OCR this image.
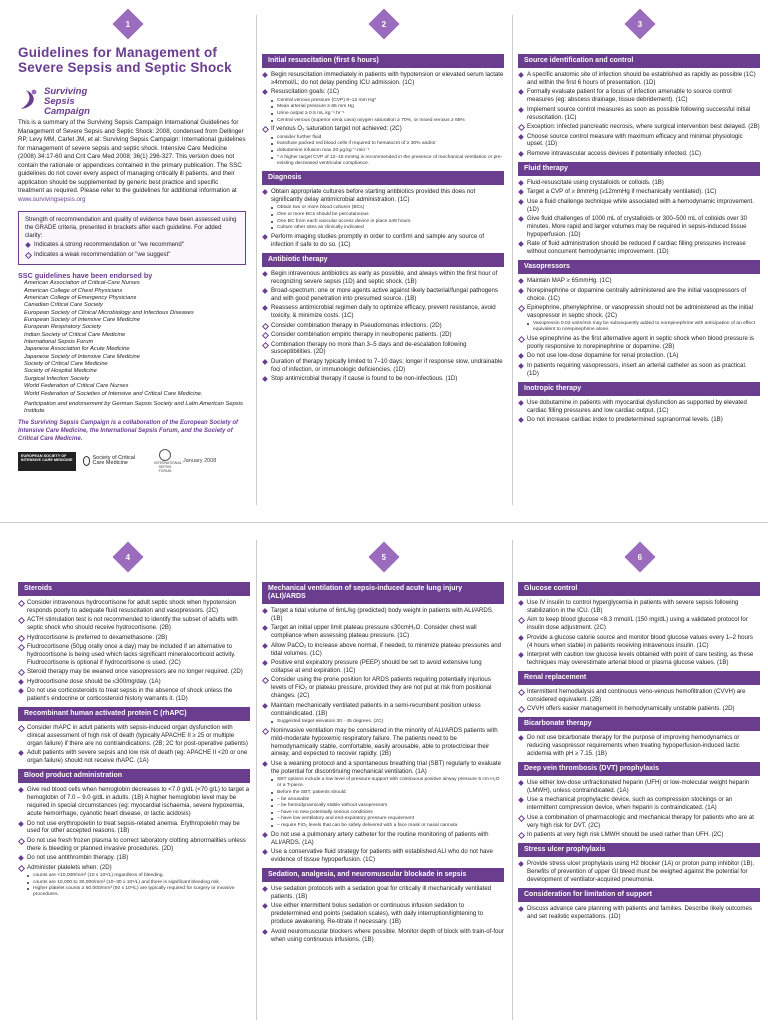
1	2	3
4	5	6
Guidelines for Management of Severe Sepsis and Septic Shock
Surviving Sepsis Campaign
This is a summary of the Surviving Sepsis Campaign International Guidelines for Management of Severe Sepsis and Septic Shock: 2008, condensed from Dellinger RP, Levy MM, Carlet JM, et al: Surviving Sepsis Campaign: International guidelines for management of severe sepsis and septic shock. Intensive Care Medicine (2008) 34:17-60 and Crit Care Med 2008; 36(1) 296-327. This version does not contain the rationale or appendices contained in the primary publication. The SSC guidelines do not cover every aspect of managing critically ill patients, and their application should be supplemented by generic best practice and specific treatment as required. Please refer to the guidelines for additional information at www.survivingsepsis.org
Strength of recommendation and quality of evidence have been assessed using the GRADE criteria, presented in brackets after each guideline. For added clarity:
Indicates a strong recommendation or "we recommend"
Indicates a weak recommendation or "we suggest"
SSC guidelines have been endorsed by
American Association of Critical-Care Nurses
American College of Chest Physicians
American College of Emergency Physicians
Canadian Critical Care Society
European Society of Clinical Microbiology and Infectious Diseases
European Society of Intensive Care Medicine
European Respiratory Society
Indian Society of Critical Care Medicine
International Sepsis Forum
Japanese Association for Acute Medicine
Japanese Society of Intensive Care Medicine
Society of Critical Care Medicine
Society of Hospital Medicine
Surgical Infection Society
World Federation of Critical Care Nurses
World Federation of Societies of Intensive and Critical Care Medicine.
Participation and endorsement by German Sepsis Society and Latin American Sepsis Institute.
The Surviving Sepsis Campaign is a collaboration of the European Society of Intensive Care Medicine, the International Sepsis Forum, and the Society of Critical Care Medicine.
EUROPEAN SOCIETY OF INTENSIVE CARE MEDICINE	Society of Critical Care Medicine	INTERNATIONAL SEPSIS FORUM
January 2008
Initial resuscitation (first 6 hours)
Begin resuscitation immediately in patients with hypotension or elevated serum lactate ≥4mmol/L; do not delay pending ICU admission. (1C)
Resuscitation goals: (1C)
Central venous pressure (CVP) 8–12 mm Hg*
Mean arterial pressure ≥ 65 mm Hg
Urine output ≥ 0.5 mL.kg⁻¹.hr⁻¹
Central venous (superior vena cava) oxygen saturation ≥ 70%, or mixed venous ≥ 65%
If venous O₂ saturation target not achieved: (2C)
consider further fluid
transfuse packed red blood cells if required to hematocrit of ≥ 30% and/or
dobutamine infusion max 20 μg.kg⁻¹.min⁻¹
* A higher target CVP of 12–15 mmHg is recommended in the presence of mechanical ventilation or pre-existing decreased ventricular compliance.
Diagnosis
Obtain appropriate cultures before starting antibiotics provided this does not significantly delay antimicrobial administration. (1C)
Obtain two or more blood cultures (BCs)
One or more BCs should be percutaneous
One BC from each vascular access device in place ≥48 hours
Culture other sites as clinically indicated
Perform imaging studies promptly in order to confirm and sample any source of infection if safe to do so. (1C)
Antibiotic therapy
Begin intravenous antibiotics as early as possible, and always within the first hour of recognizing severe sepsis (1D) and septic shock. (1B)
Broad-spectrum: one or more agents active against likely bacterial/fungal pathogens and with good penetration into presumed source. (1B)
Reassess antimicrobial regimen daily to optimize efficacy, prevent resistance, avoid toxicity, & minimize costs. (1C)
Consider combination therapy in Pseudomonas infections. (2D)
Consider combination empiric therapy in neutropenic patients. (2D)
Combination therapy no more than 3–5 days and de-escalation following susceptibilities. (2D)
Duration of therapy typically limited to 7–10 days; longer if response slow, undrainable foci of infection, or immunologic deficiencies. (1D)
Stop antimicrobial therapy if cause is found to be non-infectious. (1D)
Source identification and control
A specific anatomic site of infection should be established as rapidly as possible (1C) and within the first 6 hours of presentation. (1D)
Formally evaluate patient for a focus of infection amenable to source control measures (eg: abscess drainage, tissue debridement). (1C)
Implement source control measures as soon as possible following successful initial resuscitation. (1C)
Exception: infected pancreatic necrosis, where surgical intervention best delayed. (2B)
Choose source control measure with maximum efficacy and minimal physiologic upset. (1D)
Remove intravascular access devices if potentially infected. (1C)
Fluid therapy
Fluid-resuscitate using crystalloids or colloids. (1B)
Target a CVP of ≥ 8mmHg (≥12mmHg if mechanically ventilated). (1C)
Use a fluid challenge technique while associated with a hemodynamic improvement. (1D)
Give fluid challenges of 1000 mL of crystalloids or 300–500 mL of colloids over 30 minutes. More rapid and larger volumes may be required in sepsis-induced tissue hypoperfusion. (1D)
Rate of fluid administration should be reduced if cardiac filling pressures increase without concurrent hemodynamic improvement. (1D)
Vasopressors
Maintain MAP ≥ 65mmHg. (1C)
Norepinephrine or dopamine centrally administered are the initial vasopressors of choice. (1C)
Epinephrine, phenylephrine, or vasopressin should not be administered as the initial vasopressor in septic shock. (2C)
Vasopressin 0.03 units/min may be subsequently added to norepinephrine with anticipation of an effect equivalent to norepinephrine alone.
Use epinephrine as the first alternative agent in septic shock when blood pressure is poorly responsive to norepinephrine or dopamine. (2B)
Do not use low-dose dopamine for renal protection. (1A)
In patients requiring vasopressors, insert an arterial catheter as soon as practical. (1D)
Inotropic therapy
Use dobutamine in patients with myocardial dysfunction as supported by elevated cardiac filling pressures and low cardiac output. (1C)
Do not increase cardiac index to predetermined supranormal levels. (1B)
Steroids
Consider intravenous hydrocortisone for adult septic shock when hypotension responds poorly to adequate fluid resuscitation and vasopressors. (2C)
ACTH stimulation test is not recommended to identify the subset of adults with septic shock who should receive hydrocortisone. (2B)
Hydrocortisone is preferred to dexamethasone. (2B)
Fludrocortisone (50μg orally once a day) may be included if an alternative to hydrocortisone is being used which lacks significant mineralocorticoid activity. Fludrocortisone is optional if hydrocortisone is used. (2C)
Steroid therapy may be weaned once vasopressors are no longer required. (2D)
Hydrocortisone dose should be ≤300mg/day. (1A)
Do not use corticosteroids to treat sepsis in the absence of shock unless the patient's endocrine or corticosteroid history warrants it. (1D)
Recombinant human activated protein C (rhAPC)
Consider rhAPC in adult patients with sepsis-induced organ dysfunction with clinical assessment of high risk of death (typically APACHE II ≥ 25 or multiple organ failure) if there are no contraindications. (2B; 2C for post-operative patients)
Adult patients with severe sepsis and low risk of death (eg: APACHE II <20 or one organ failure) should not receive rhAPC. (1A)
Blood product administration
Give red blood cells when hemoglobin decreases to <7.0 g/dL (<70 g/L) to target a hemoglobin of 7.0 – 9.0 g/dL in adults. (1B) A higher hemoglobin level may be required in special circumstances (eg: myocardial ischaemia, severe hypoxemia, acute hemorrhage, cyanotic heart disease, or lactic acidosis)
Do not use erythropoietin to treat sepsis-related anemia. Erythropoietin may be used for other accepted reasons. (1B)
Do not use fresh frozen plasma to correct laboratory clotting abnormalities unless there is bleeding or planned invasive procedures. (2D)
Do not use antithrombin therapy. (1B)
Administer platelets when: (2D)
counts are <10,000/mm³ (10 x 10⁹/L) regardless of bleeding.
counts are 10,000 to 30,000/mm³ (10–30 x 10⁹/L) and there is significant bleeding risk.
Higher platelet counts ≥ 50,000/mm³ (50 x 10⁹/L) are typically required for surgery or invasive procedures.
Mechanical ventilation of sepsis-induced acute lung injury (ALI)/ARDS
Target a tidal volume of 6mL/kg (predicted) body weight in patients with ALI/ARDS. (1B)
Target an initial upper limit plateau pressure ≤30cmH₂O. Consider chest wall compliance when assessing plateau pressure. (1C)
Allow PaCO₂ to increase above normal, if needed, to minimize plateau pressures and tidal volumes. (1C)
Positive end expiratory pressure (PEEP) should be set to avoid extensive lung collapse at end expiration. (1C)
Consider using the prone position for ARDS patients requiring potentially injurious levels of FiO₂ or plateau pressure, provided they are not put at risk from positional changes. (2C)
Maintain mechanically ventilated patients in a semi-recumbent position unless contraindicated. (1B)
Suggested target elevation 30 - 45 degrees. (2C)
Noninvasive ventilation may be considered in the minority of ALI/ARDS patients with mild-moderate hypoxemic respiratory failure. The patients need to be hemodynamically stable, comfortable, easily arousable, able to protect/clear their airway, and expected to recover rapidly. (2B)
Use a weaning protocol and a spontaneous breathing trial (SBT) regularly to evaluate the potential for discontinuing mechanical ventilation. (1A)
SBT options include a low level of pressure support with continuous positive airway pressure 5 cm H₂O or a T-piece.
Before the SBT, patients should:
– be arousable
– be hemodynamically stable without vasopressors
– have no new potentially serious conditions
– have low ventilatory and end-expiratory pressure requirement
– require FiO₂ levels that can be safely delivered with a face mask or nasal cannula
Do not use a pulmonary artery catheter for the routine monitoring of patients with ALI/ARDS. (1A)
Use a conservative fluid strategy for patients with established ALI who do not have evidence of tissue hypoperfusion. (1C)
Sedation, analgesia, and neuromuscular blockade in sepsis
Use sedation protocols with a sedation goal for critically ill mechanically ventilated patients. (1B)
Use either intermittent bolus sedation or continuous infusion sedation to predetermined end points (sedation scales), with daily interruption/lightening to produce awakening. Re-titrate if necessary. (1B)
Avoid neuromuscular blockers where possible. Monitor depth of block with train-of-four when using continuous infusions. (1B)
Glucose control
Use IV insulin to control hyperglycemia in patients with severe sepsis following stabilization in the ICU. (1B)
Aim to keep blood glucose <8.3 mmol/L (150 mg/dL) using a validated protocol for insulin dose adjustment. (2C)
Provide a glucose calorie source and monitor blood glucose values every 1–2 hours (4 hours when stable) in patients receiving intravenous insulin. (1C)
Interpret with caution low glucose levels obtained with point of care testing, as these techniques may overestimate arterial blood or plasma glucose values. (1B)
Renal replacement
Intermittent hemodialysis and continuous veno-venous hemofiltration (CVVH) are considered equivalent. (2B)
CVVH offers easier management in hemodynamically unstable patients. (2D)
Bicarbonate therapy
Do not use bicarbonate therapy for the purpose of improving hemodynamics or reducing vasopressor requirements when treating hypoperfusion-induced lactic acidemia with pH ≥ 7.15. (1B)
Deep vein thrombosis (DVT) prophylaxis
Use either low-dose unfractionated heparin (UFH) or low-molecular weight heparin (LMWH), unless contraindicated. (1A)
Use a mechanical prophylactic device, such as compression stockings or an intermittent compression device, when heparin is contraindicated. (1A)
Use a combination of pharmacologic and mechanical therapy for patients who are at very high risk for DVT. (2C)
In patients at very high risk LMWH should be used rather than UFH. (2C)
Stress ulcer prophylaxis
Provide stress ulcer prophylaxis using H2 blocker (1A) or proton pump inhibitor (1B). Benefits of prevention of upper GI bleed must be weighed against the potential for development of ventilator-acquired pneumonia.
Consideration for limitation of support
Discuss advance care planning with patients and families. Describe likely outcomes and set realistic expectations. (1D)
